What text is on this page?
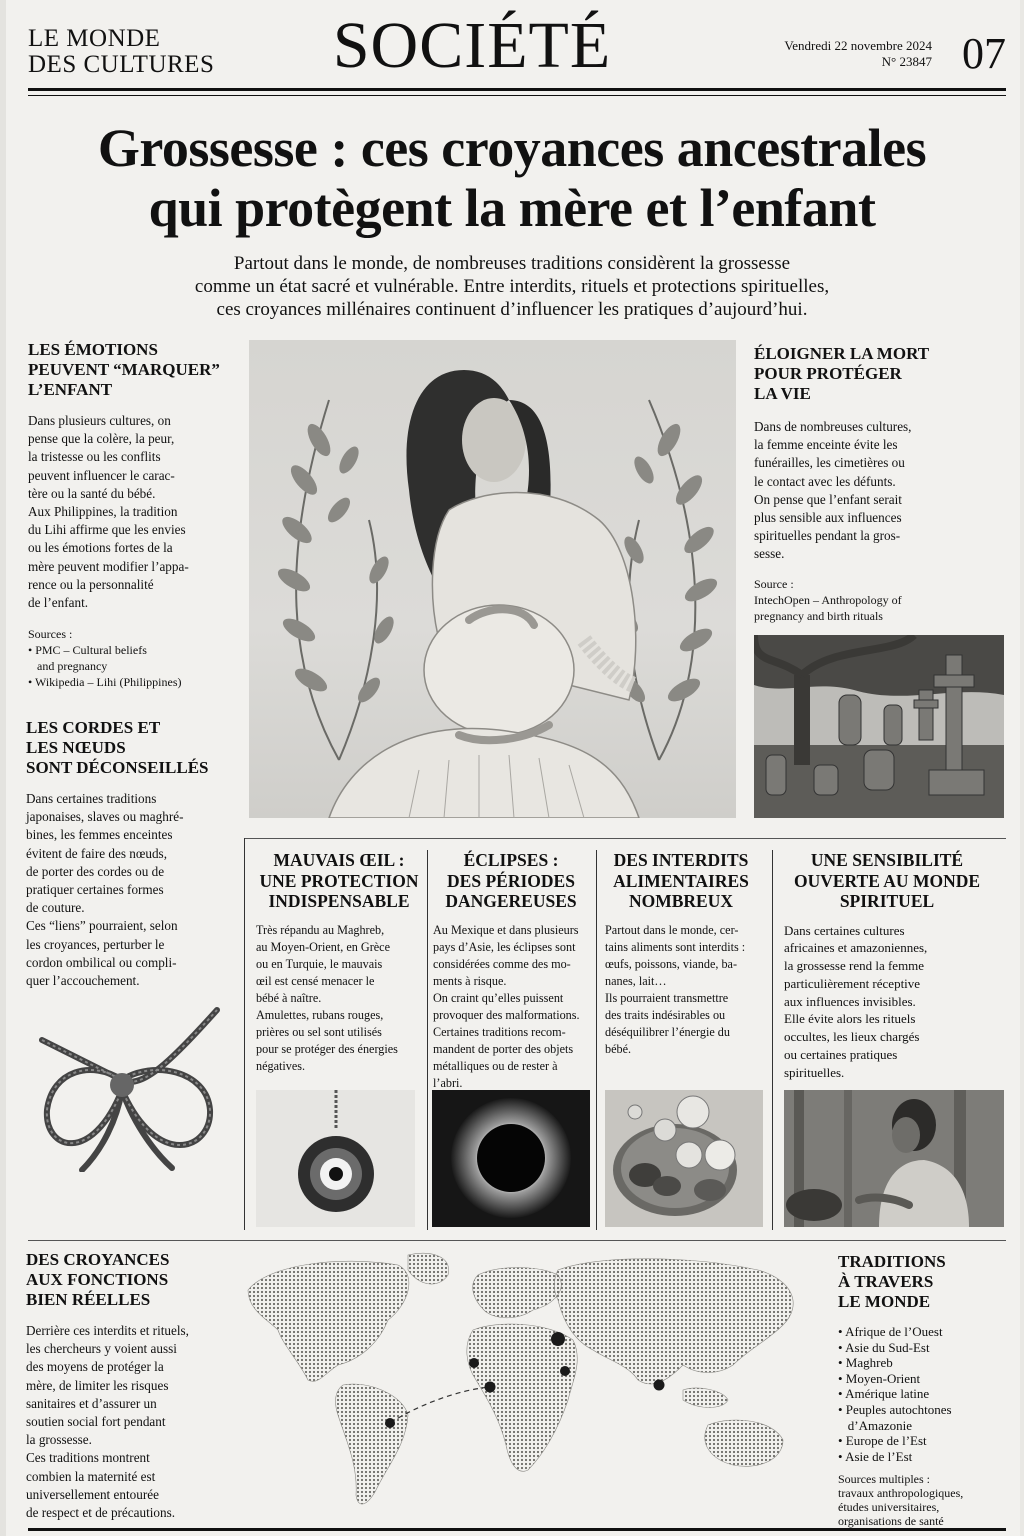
LE MONDE
DES CULTURES	SOCIÉTÉ	Vendredi 22 novembre 2024
N° 23847 07
Grossesse : ces croyances ancestrales
qui protègent la mère et l’enfant
Partout dans le monde, de nombreuses traditions considèrent la grossesse
comme un état sacré et vulnérable. Entre interdits, rituels et protections spirituelles,
ces croyances millénaires continuent d’influencer les pratiques d’aujourd’hui.
LES ÉMOTIONS
PEUVENT “MARQUER”
L’ENFANT
Dans plusieurs cultures, on
pense que la colère, la peur,
la tristesse ou les conflits
peuvent influencer le carac-
tère ou la santé du bébé.
Aux Philippines, la tradition
du Lihi affirme que les envies
ou les émotions fortes de la
mère peuvent modifier l’appa-
rence ou la personnalité
de l’enfant.
Sources :
• PMC – Cultural beliefs
and pregnancy
• Wikipedia – Lihi (Philippines)
LES CORDES ET
LES NŒUDS
SONT DÉCONSEILLÉS
Dans certaines traditions
japonaises, slaves ou maghré-
bines, les femmes enceintes
évitent de faire des nœuds,
de porter des cordes ou de
pratiquer certaines formes
de couture.
Ces “liens” pourraient, selon
les croyances, perturber le
cordon ombilical ou compli-
quer l’accouchement.
ÉLOIGNER LA MORT
POUR PROTÉGER
LA VIE
Dans de nombreuses cultures,
la femme enceinte évite les
funérailles, les cimetières ou
le contact avec les défunts.
On pense que l’enfant serait
plus sensible aux influences
spirituelles pendant la gros-
sesse.
Source :
IntechOpen – Anthropology of
pregnancy and birth rituals
MAUVAIS ŒIL :
UNE PROTECTION
INDISPENSABLE
Très répandu au Maghreb,
au Moyen-Orient, en Grèce
ou en Turquie, le mauvais
œil est censé menacer le
bébé à naître.
Amulettes, rubans rouges,
prières ou sel sont utilisés
pour se protéger des énergies
négatives.
ÉCLIPSES :
DES PÉRIODES
DANGEREUSES
Au Mexique et dans plusieurs
pays d’Asie, les éclipses sont
considérées comme des mo-
ments à risque.
On craint qu’elles puissent
provoquer des malformations.
Certaines traditions recom-
mandent de porter des objets
métalliques ou de rester à
l’abri.
DES INTERDITS
ALIMENTAIRES
NOMBREUX
Partout dans le monde, cer-
tains aliments sont interdits :
œufs, poissons, viande, ba-
nanes, lait…
Ils pourraient transmettre
des traits indésirables ou
déséquilibrer l’énergie du
bébé.
UNE SENSIBILITÉ
OUVERTE AU MONDE
SPIRITUEL
Dans certaines cultures
africaines et amazoniennes,
la grossesse rend la femme
particulièrement réceptive
aux influences invisibles.
Elle évite alors les rituels
occultes, les lieux chargés
ou certaines pratiques
spirituelles.
DES CROYANCES
AUX FONCTIONS
BIEN RÉELLES
Derrière ces interdits et rituels,
les chercheurs y voient aussi
des moyens de protéger la
mère, de limiter les risques
sanitaires et d’assurer un
soutien social fort pendant
la grossesse.
Ces traditions montrent
combien la maternité est
universellement entourée
de respect et de précautions.
TRADITIONS
À TRAVERS
LE MONDE
• Afrique de l’Ouest
• Asie du Sud-Est
• Maghreb
• Moyen-Orient
• Amérique latine
• Peuples autochtones
d’Amazonie
• Europe de l’Est
• Asie de l’Est
Sources multiples :
travaux anthropologiques,
études universitaires,
organisations de santé
